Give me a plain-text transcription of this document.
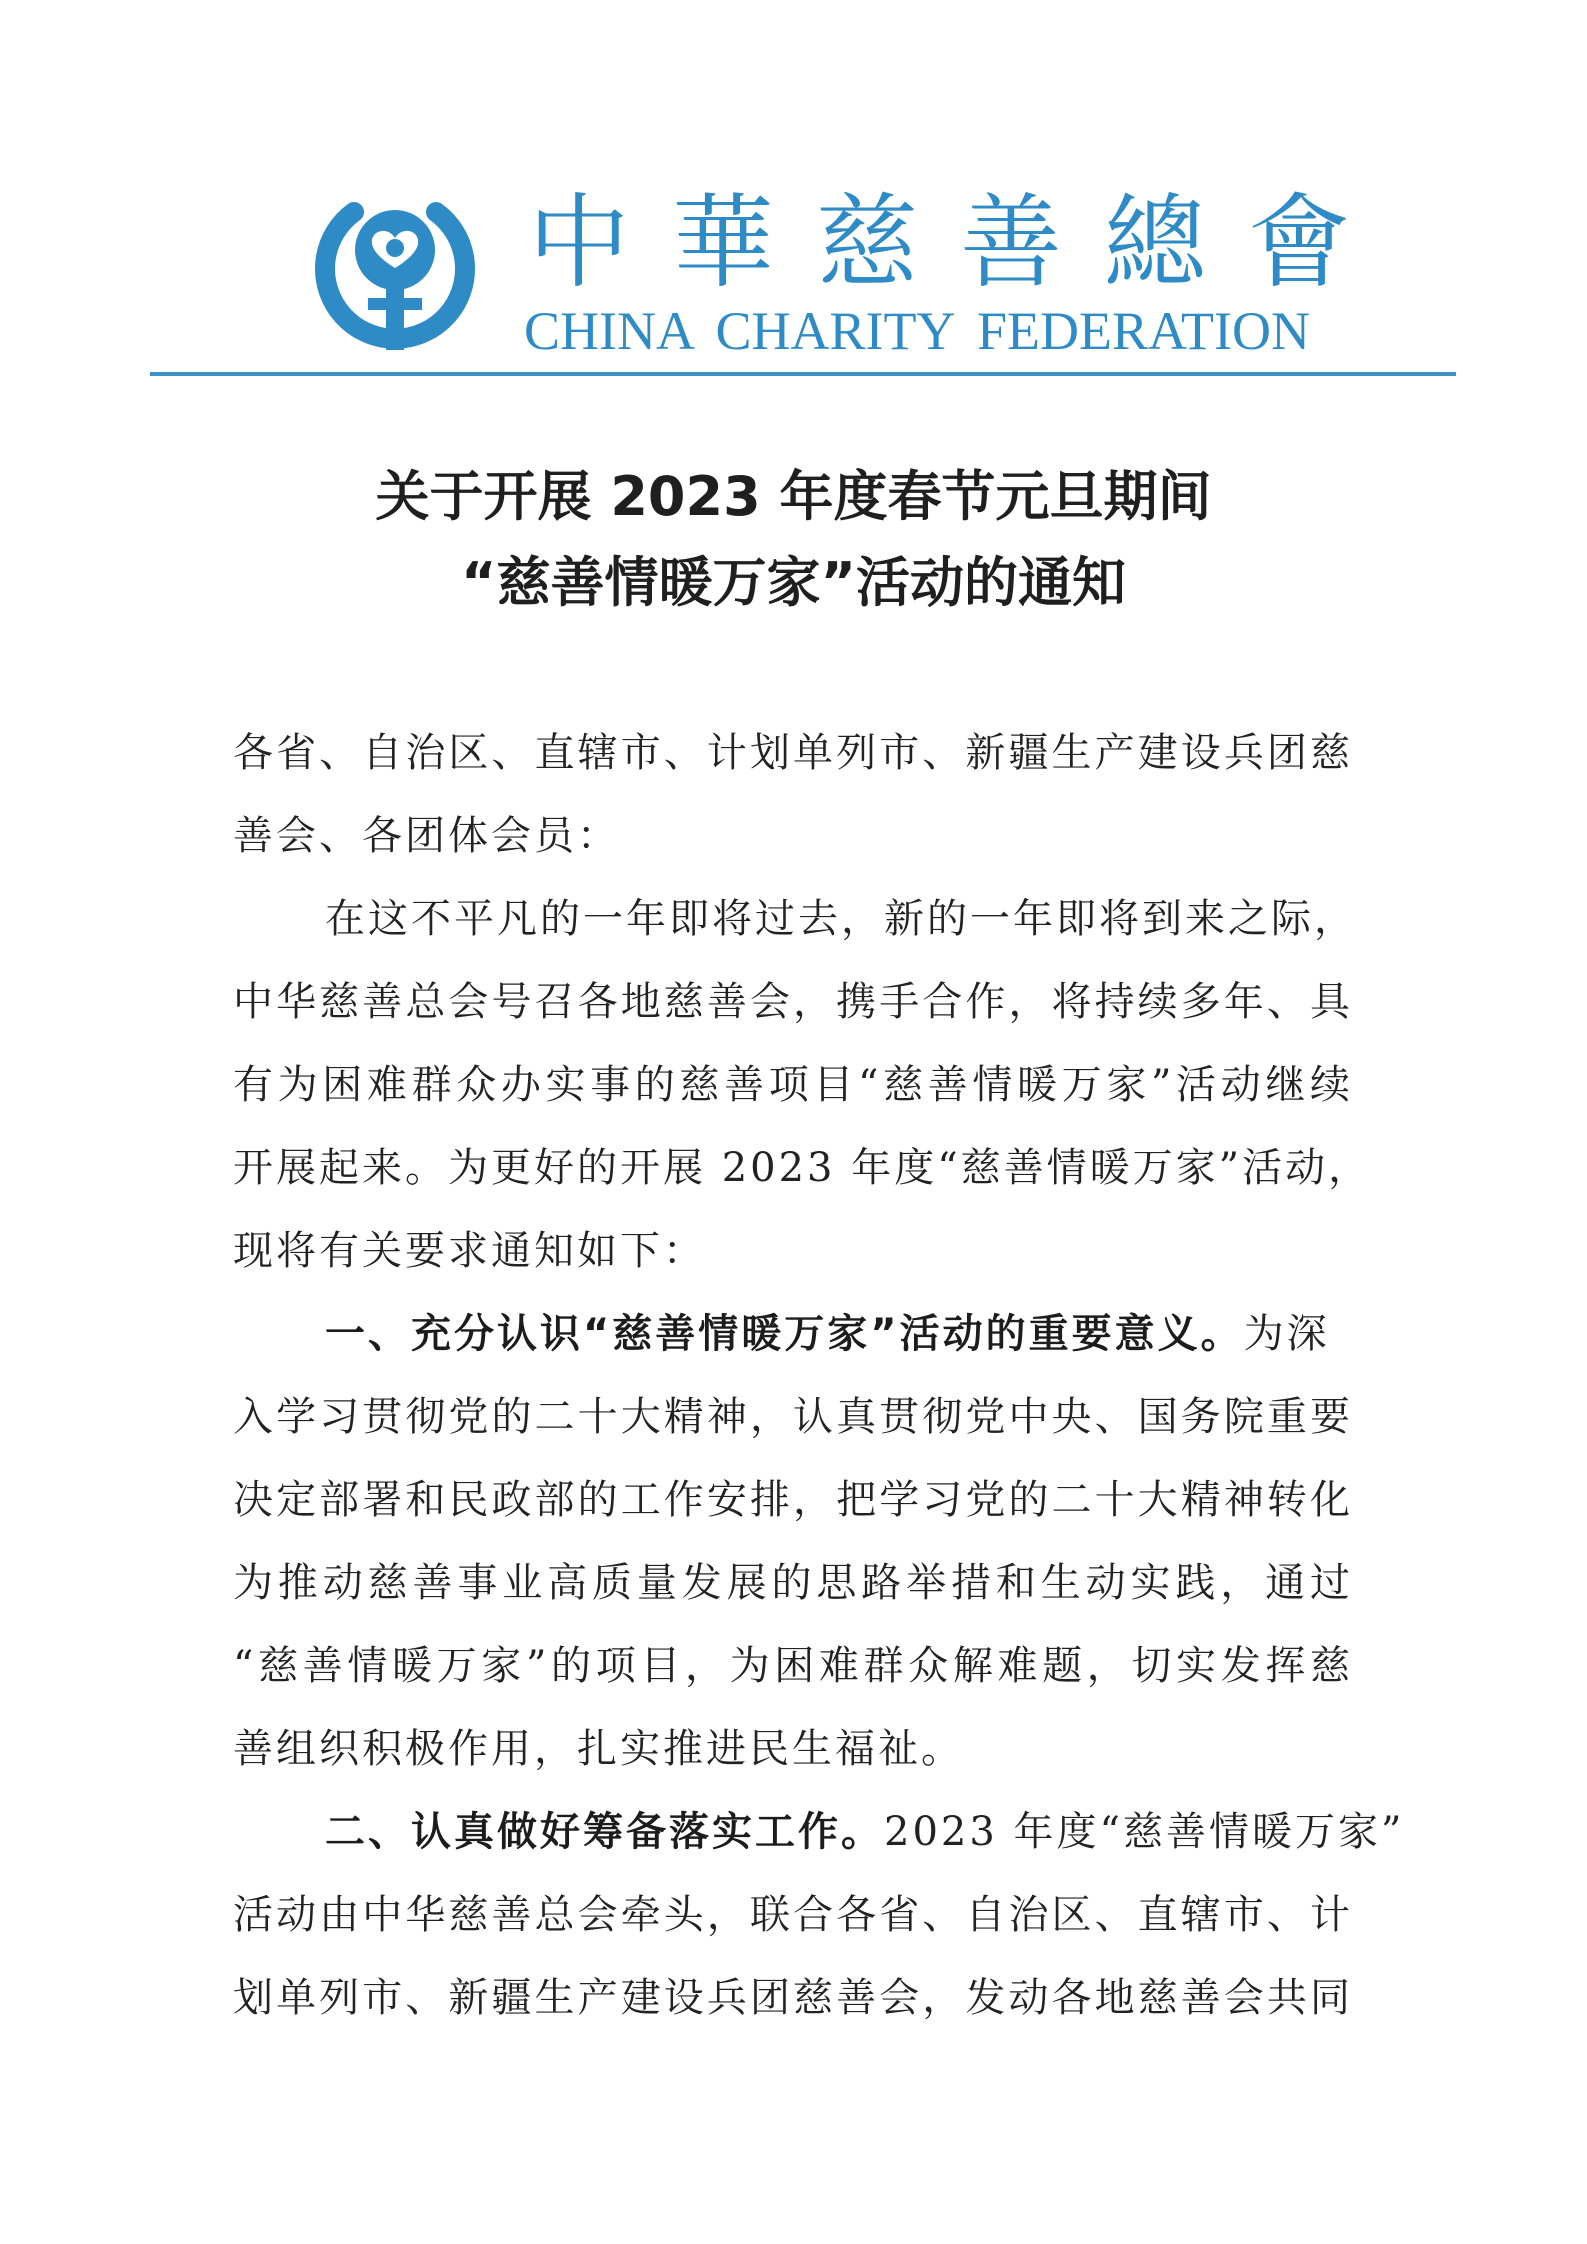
中華慈善總會
CHINA CHARITY FEDERATION
关于开展 2023 年度春节元旦期间
“慈善情暖万家”活动的通知
各省、自治区、直辖市、计划单列市、新疆生产建设兵团慈
善会、各团体会员：
在这不平凡的一年即将过去，新的一年即将到来之际，
中华慈善总会号召各地慈善会，携手合作，将持续多年、具
有为困难群众办实事的慈善项目“慈善情暖万家”活动继续
开展起来。为更好的开展 2023 年度“慈善情暖万家”活动，
现将有关要求通知如下：
一、充分认识“慈善情暖万家”活动的重要意义。为深
入学习贯彻党的二十大精神，认真贯彻党中央、国务院重要
决定部署和民政部的工作安排，把学习党的二十大精神转化
为推动慈善事业高质量发展的思路举措和生动实践，通过
“慈善情暖万家”的项目，为困难群众解难题，切实发挥慈
善组织积极作用，扎实推进民生福祉。
二、认真做好筹备落实工作。2023 年度“慈善情暖万家”
活动由中华慈善总会牵头，联合各省、自治区、直辖市、计
划单列市、新疆生产建设兵团慈善会，发动各地慈善会共同
